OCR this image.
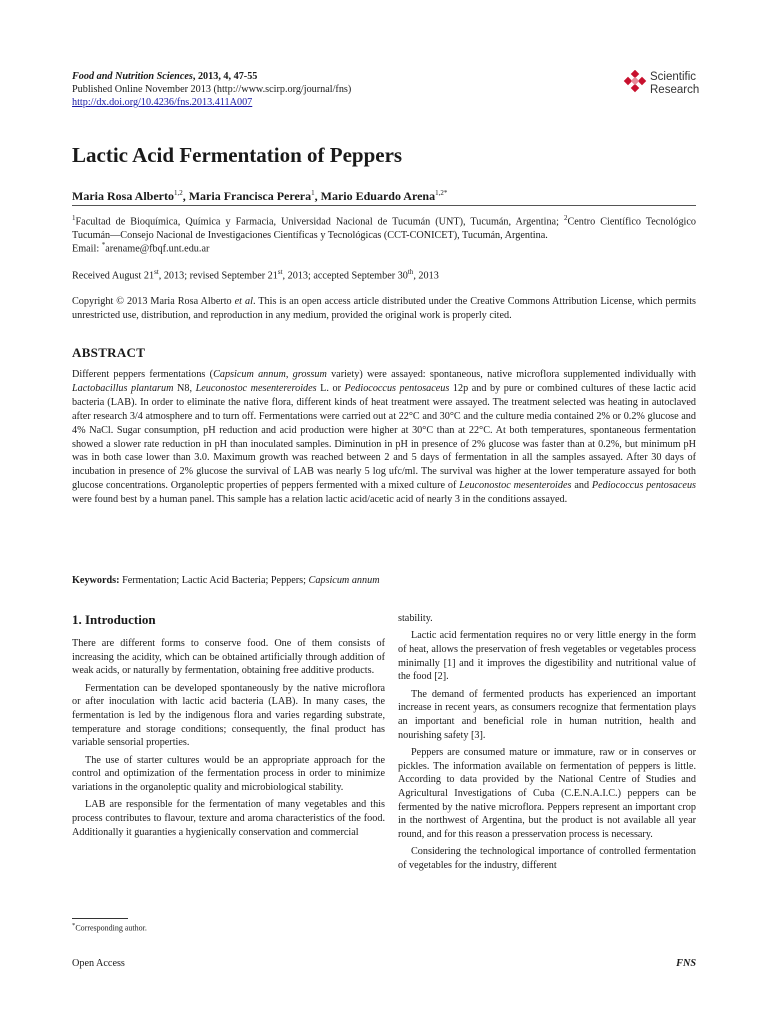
Food and Nutrition Sciences, 2013, 4, 47-55
Published Online November 2013 (http://www.scirp.org/journal/fns)
http://dx.doi.org/10.4236/fns.2013.411A007
Scientific
Research
Lactic Acid Fermentation of Peppers
Maria Rosa Alberto$^{1,2}$, Maria Francisca Perera$^1$, Mario Eduardo Arena$^{1,2*}$
$^1$Facultad de Bioquímica, Química y Farmacia, Universidad Nacional de Tucumán (UNT), Tucumán, Argentina; $^2$Centro Científico Tecnológico Tucumán—Consejo Nacional de Investigaciones Científicas y Tecnológicas (CCT-CONICET), Tucumán, Argentina.
Email: *arename@fbqf.unt.edu.ar
Received August 21st, 2013; revised September 21st, 2013; accepted September 30th, 2013
Copyright © 2013 Maria Rosa Alberto et al. This is an open access article distributed under the Creative Commons Attribution License, which permits unrestricted use, distribution, and reproduction in any medium, provided the original work is properly cited.
ABSTRACT

Different peppers fermentations (Capsicum annum, grossum variety) were assayed: spontaneous, native microflora supplemented individually with Lactobacillus plantarum N8, Leuconostoc mesentereroides L. or Pediococcus pentosaceus 12p and by pure or combined cultures of these lactic acid bacteria (LAB). In order to eliminate the native flora, different kinds of heat treatment were assayed. The treatment selected was heating in autoclaved after research 3/4 atmosphere and to turn off. Fermentations were carried out at 22°C and 30°C and the culture media contained 2% or 0.2% glucose and 4% NaCl. Sugar consumption, pH reduction and acid production were higher at 30°C than at 22°C. At both temperatures, spontaneous fermentation showed a slower rate reduction in pH than inoculated samples. Diminution in pH in presence of 2% glucose was faster than at 0.2%, but minimum pH was in both case lower than 3.0. Maximum growth was reached between 2 and 5 days of fermentation in all the samples assayed. After 30 days of incubation in presence of 2% glucose the survival of LAB was nearly 5 log ufc/ml. The survival was higher at the lower temperature assayed for both glucose concentrations. Organoleptic properties of peppers fermented with a mixed culture of Leuconostoc mesenteroides and Pediococcus pentosaceus were found best by a human panel. This sample has a relation lactic acid/acetic acid of nearly 3 in the conditions assayed.

Keywords: Fermentation; Lactic Acid Bacteria; Peppers; Capsicum annum
1. Introduction

There are different forms to conserve food. One of them consists of increasing the acidity, which can be obtained artificially through addition of weak acids, or naturally by fermentation, obtaining free additive products.

Fermentation can be developed spontaneously by the native microflora or after inoculation with lactic acid bacteria (LAB). In many cases, the fermentation is led by the indigenous flora and varies regarding substrate, temperature and storage conditions; consequently, the final product has variable sensorial properties.

The use of starter cultures would be an appropriate approach for the control and optimization of the fermentation process in order to minimize variations in the organoleptic quality and microbiological stability.

LAB are responsible for the fermentation of many vegetables and this process contributes to flavour, texture and aroma characteristics of the food. Additionally it guaranties a hygienically conservation and commercial

stability.

Lactic acid fermentation requires no or very little energy in the form of heat, allows the preservation of fresh vegetables or vegetables process minimally [1] and it improves the digestibility and nutritional value of the food [2].

The demand of fermented products has experienced an important increase in recent years, as consumers recognize that fermentation plays an important and beneficial role in human nutrition, health and nourishing safety [3].

Peppers are consumed mature or immature, raw or in conserves or pickles. The information available on fermentation of peppers is little. According to data provided by the National Centre of Studies and Agricultural Investigations of Cuba (C.E.N.A.I.C.) peppers can be fermented by the native microflora. Peppers represent an important crop in the northwest of Argentina, but the product is not available all year round, and for this reason a presservation process is necessary.

Considering the technological importance of controlled fermentation of vegetables for the industry, different

*Corresponding author.
Open Access	FNS
